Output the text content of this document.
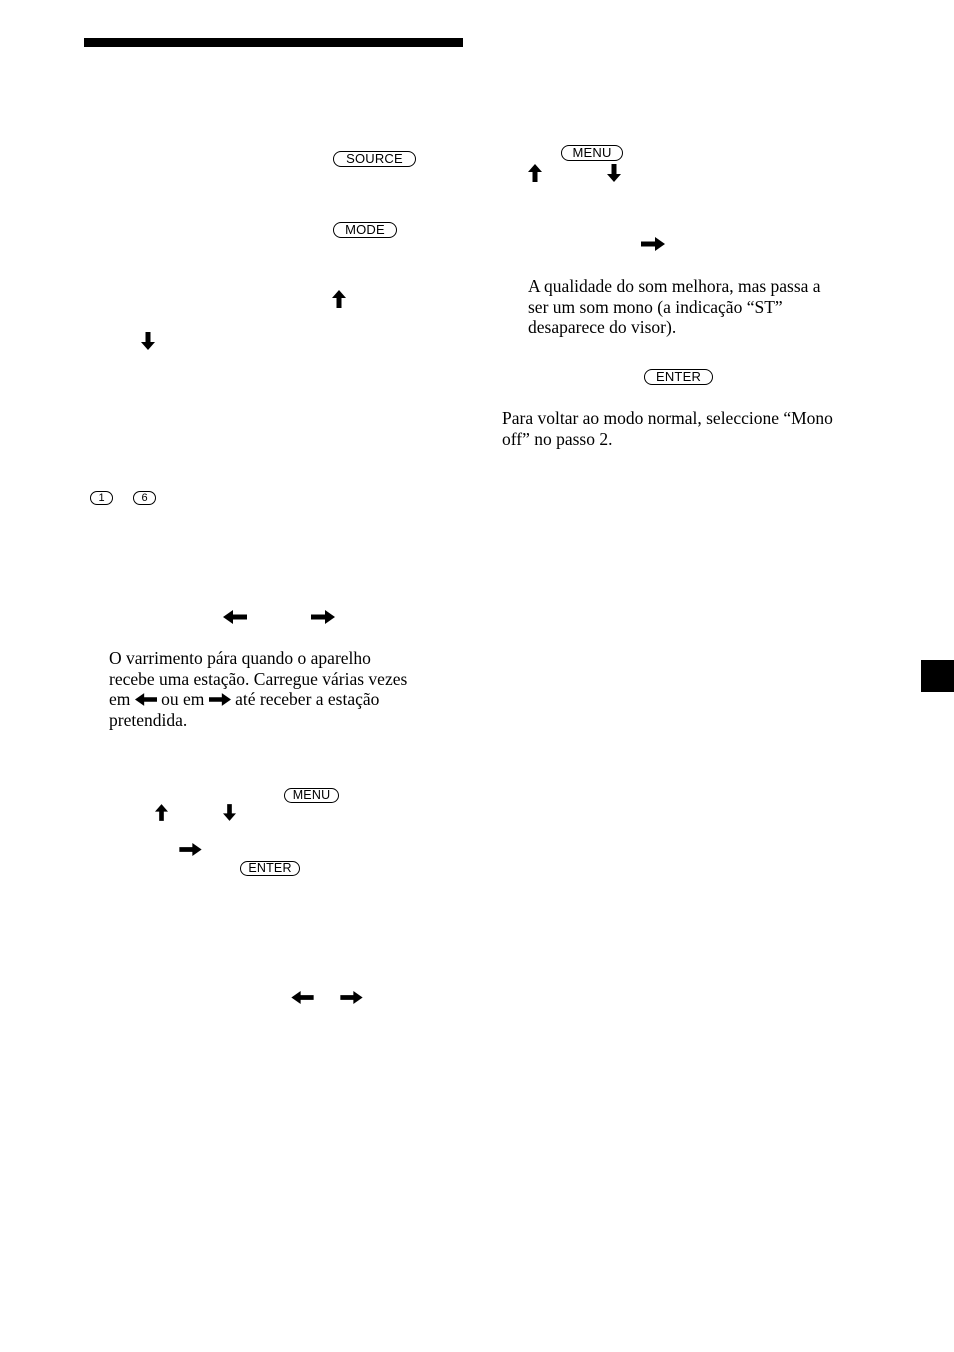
SOURCE
MODE
1	6
O varrimento pára quando o aparelho
recebe uma estação. Carregue várias vezes
em ou em até receber a estação
pretendida.
MENU
ENTER
MENU
A qualidade do som melhora, mas passa a
ser um som mono (a indicação “ST”
desaparece do visor).
ENTER
Para voltar ao modo normal, seleccione “Mono
off” no passo 2.
